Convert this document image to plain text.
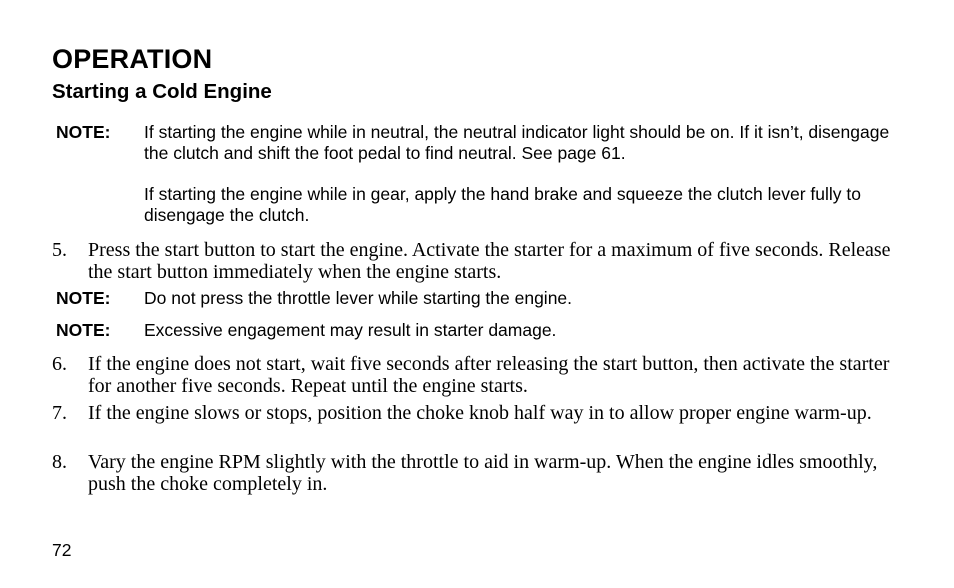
OPERATION
Starting a Cold Engine
NOTE: If starting the engine while in neutral, the neutral indicator light should be on. If it isn’t, disengage the clutch and shift the foot pedal to find neutral. See page 61.

If starting the engine while in gear, apply the hand brake and squeeze the clutch lever fully to disengage the clutch.

5. Press the start button to start the engine. Activate the starter for a maximum of five seconds. Release the start button immediately when the engine starts.
NOTE: Do not press the throttle lever while starting the engine.

NOTE: Excessive engagement may result in starter damage.

6. If the engine does not start, wait five seconds after releasing the start button, then activate the starter for another five seconds. Repeat until the engine starts.
7. If the engine slows or stops, position the choke knob half way in to allow proper engine warm-up.
8. Vary the engine RPM slightly with the throttle to aid in warm-up. When the engine idles smoothly, push the choke completely in.
72
